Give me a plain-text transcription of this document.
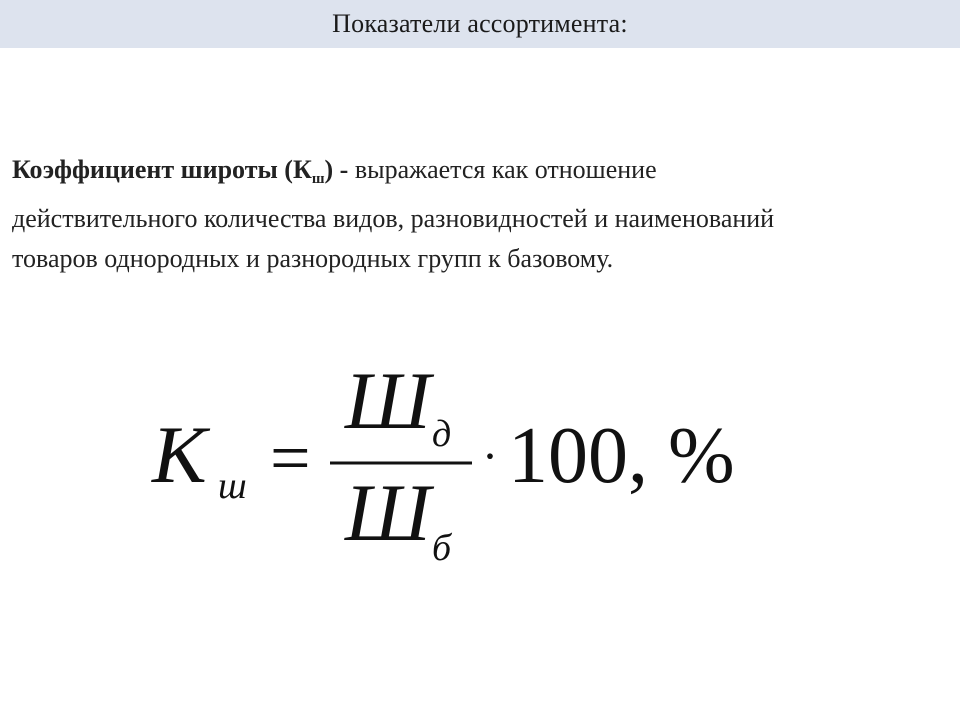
Показатели ассортимента:
Коэффициент широты (Кш) - выражается как отношение
действительного количества видов, разновидностей и наименований
товаров однородных и разнородных групп к базовому.
К ш =
Ш д
Ш б
· 100, %
